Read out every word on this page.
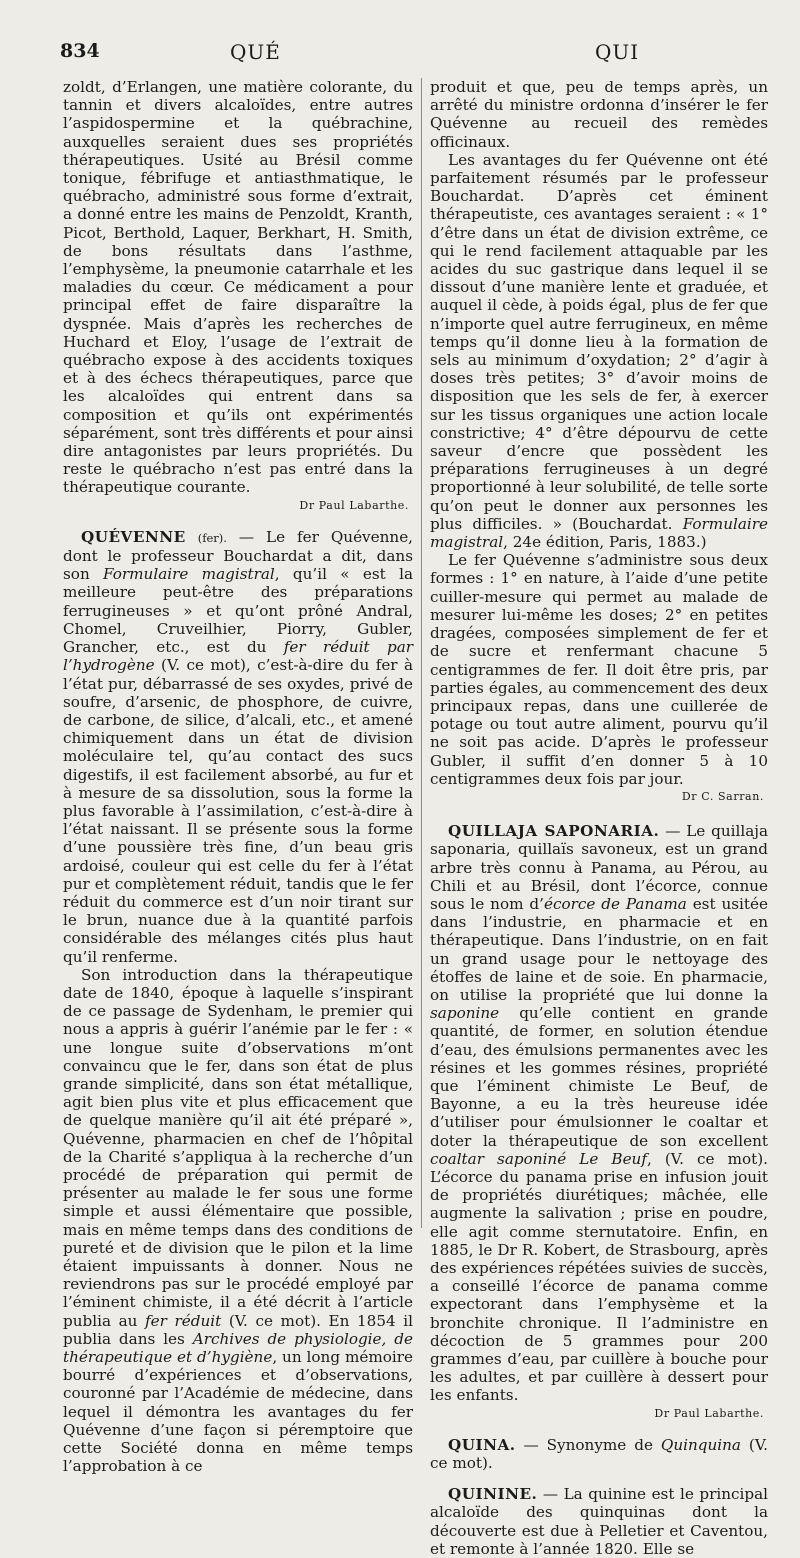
834	QUÉ	QUI

zoldt, d’Erlangen, une matière colorante, du tannin et divers alcaloïdes, entre autres l’aspidospermine et la québrachine, auxquelles seraient dues ses propriétés thérapeutiques. Usité au Brésil comme tonique, fébrifuge et antiasthmatique, le québracho, administré sous forme d’extrait, a donné entre les mains de Penzoldt, Kranth, Picot, Berthold, Laquer, Berkhart, H. Smith, de bons résultats dans l’asthme, l’emphysème, la pneumonie catarrhale et les maladies du cœur. Ce médicament a pour principal effet de faire disparaître la dyspnée. Mais d’après les recherches de Huchard et Eloy, l’usage de l’extrait de québracho expose à des accidents toxiques et à des échecs thérapeutiques, parce que les alcaloïdes qui entrent dans sa composition et qu’ils ont expérimentés séparément, sont très différents et pour ainsi dire antagonistes par leurs propriétés. Du reste le québracho n’est pas entré dans la thérapeutique courante.

Dr Paul Labarthe.

QUÉVENNE (fer). — Le fer Quévenne, dont le professeur Bouchardat a dit, dans son Formulaire magistral, qu’il « est la meilleure peut-être des préparations ferrugineuses » et qu’ont prôné Andral, Chomel, Cruveilhier, Piorry, Gubler, Grancher, etc., est du fer réduit par l’hydrogène (V. ce mot), c’est-à-dire du fer à l’état pur, débarrassé de ses oxydes, privé de soufre, d’arsenic, de phosphore, de cuivre, de carbone, de silice, d’alcali, etc., et amené chimiquement dans un état de division moléculaire tel, qu’au contact des sucs digestifs, il est facilement absorbé, au fur et à mesure de sa dissolution, sous la forme la plus favorable à l’assimilation, c’est-à-dire à l’état naissant. Il se présente sous la forme d’une poussière très fine, d’un beau gris ardoisé, couleur qui est celle du fer à l’état pur et complètement réduit, tandis que le fer réduit du commerce est d’un noir tirant sur le brun, nuance due à la quantité parfois considérable des mélanges cités plus haut qu’il renferme.

Son introduction dans la thérapeutique date de 1840, époque à laquelle s’inspirant de ce passage de Sydenham, le premier qui nous a appris à guérir l’anémie par le fer : « une longue suite d’observations m’ont convaincu que le fer, dans son état de plus grande simplicité, dans son état métallique, agit bien plus vite et plus efficacement que de quelque manière qu’il ait été préparé », Quévenne, pharmacien en chef de l’hôpital de la Charité s’appliqua à la recherche d’un procédé de préparation qui permit de présenter au malade le fer sous une forme simple et aussi élémentaire que possible, mais en même temps dans des conditions de pureté et de division que le pilon et la lime étaient impuissants à donner. Nous ne reviendrons pas sur le procédé employé par l’éminent chimiste, il a été décrit à l’article publia au fer réduit (V. ce mot). En 1854 il publia dans les Archives de physiologie, de thérapeutique et d’hygiène, un long mémoire bourré d’expériences et d’observations, couronné par l’Académie de médecine, dans lequel il démontra les avantages du fer Quévenne d’une façon si péremptoire que cette Société donna en même temps l’approbation à ce

produit et que, peu de temps après, un arrêté du ministre ordonna d’insérer le fer Quévenne au recueil des remèdes officinaux.

Les avantages du fer Quévenne ont été parfaitement résumés par le professeur Bouchardat. D’après cet éminent thérapeutiste, ces avantages seraient : « 1° d’être dans un état de division extrême, ce qui le rend facilement attaquable par les acides du suc gastrique dans lequel il se dissout d’une manière lente et graduée, et auquel il cède, à poids égal, plus de fer que n’importe quel autre ferrugineux, en même temps qu’il donne lieu à la formation de sels au minimum d’oxydation; 2° d’agir à doses très petites; 3° d’avoir moins de disposition que les sels de fer, à exercer sur les tissus organiques une action locale constrictive; 4° d’être dépourvu de cette saveur d’encre que possèdent les préparations ferrugineuses à un degré proportionné à leur solubilité, de telle sorte qu’on peut le donner aux personnes les plus difficiles. » (Bouchardat. Formulaire magistral, 24e édition, Paris, 1883.)

Le fer Quévenne s’administre sous deux formes : 1° en nature, à l’aide d’une petite cuiller-mesure qui permet au malade de mesurer lui-même les doses; 2° en petites dragées, composées simplement de fer et de sucre et renfermant chacune 5 centigrammes de fer. Il doit être pris, par parties égales, au commencement des deux principaux repas, dans une cuillerée de potage ou tout autre aliment, pourvu qu’il ne soit pas acide. D’après le professeur Gubler, il suffit d’en donner 5 à 10 centigrammes deux fois par jour.

Dr C. Sarran.

QUILLAJA SAPONARIA. — Le quillaja saponaria, quillaïs savoneux, est un grand arbre très connu à Panama, au Pérou, au Chili et au Brésil, dont l’écorce, connue sous le nom d’écorce de Panama est usitée dans l’industrie, en pharmacie et en thérapeutique. Dans l’industrie, on en fait un grand usage pour le nettoyage des étoffes de laine et de soie. En pharmacie, on utilise la propriété que lui donne la saponine qu’elle contient en grande quantité, de former, en solution étendue d’eau, des émulsions permanentes avec les résines et les gommes résines, propriété que l’éminent chimiste Le Beuf, de Bayonne, a eu la très heureuse idée d’utiliser pour émulsionner le coaltar et doter la thérapeutique de son excellent coaltar saponiné Le Beuf, (V. ce mot). L’écorce du panama prise en infusion jouit de propriétés diurétiques; mâchée, elle augmente la salivation ; prise en poudre, elle agit comme sternutatoire. Enfin, en 1885, le Dr R. Kobert, de Strasbourg, après des expériences répétées suivies de succès, a conseillé l’écorce de panama comme expectorant dans l’emphysème et la bronchite chronique. Il l’administre en décoction de 5 grammes pour 200 grammes d’eau, par cuillère à bouche pour les adultes, et par cuillère à dessert pour les enfants.

Dr Paul Labarthe.

QUINA. — Synonyme de Quinquina (V. ce mot).

QUININE. — La quinine est le principal alcaloïde des quinquinas dont la découverte est due à Pelletier et Caventou, et remonte à l’année 1820. Elle se
